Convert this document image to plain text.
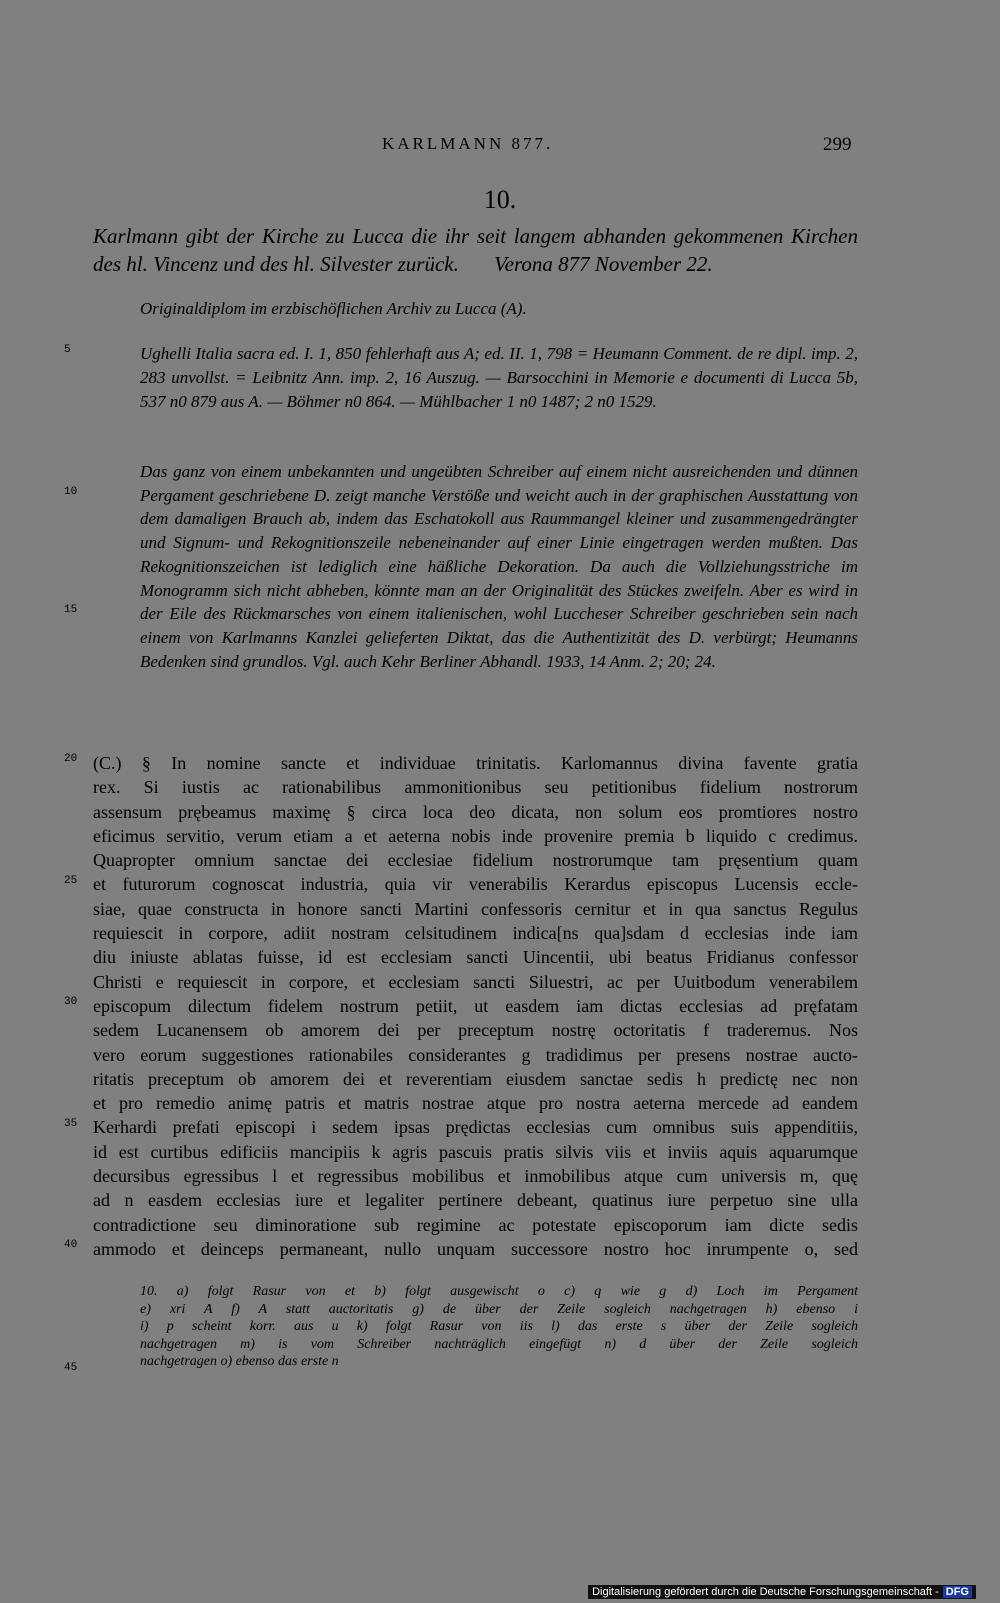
KARLMANN 877.	299
10.
Karlmann gibt der Kirche zu Lucca die ihr seit langem abhanden gekommenen Kirchen des hl. Vincenz und des hl. Silvester zurück. Verona 877 November 22.
Originaldiplom im erzbischöflichen Archiv zu Lucca (A).
Ughelli Italia sacra ed. I. 1, 850 fehlerhaft aus A; ed. II. 1, 798 = Heumann Comment. de re dipl. imp. 2, 283 unvollst. = Leibnitz Ann. imp. 2, 16 Auszug. — Barsocchini in Memorie e documenti di Lucca 5b, 537 n0 879 aus A. — Böhmer n0 864. — Mühlbacher 1 n0 1487; 2 n0 1529.
Das ganz von einem unbekannten und ungeübten Schreiber auf einem nicht ausreichenden und dünnen Pergament geschriebene D. zeigt manche Verstöße und weicht auch in der graphischen Ausstattung von dem damaligen Brauch ab, indem das Eschatokoll aus Raummangel kleiner und zusammengedrängter und Signum- und Rekognitionszeile nebeneinander auf einer Linie eingetragen werden mußten. Das Rekognitionszeichen ist lediglich eine häßliche Dekoration. Da auch die Vollziehungsstriche im Monogramm sich nicht abheben, könnte man an der Originalität des Stückes zweifeln. Aber es wird in der Eile des Rückmarsches von einem italienischen, wohl Luccheser Schreiber geschrieben sein nach einem von Karlmanns Kanzlei gelieferten Diktat, das die Authentizität des D. verbürgt; Heumanns Bedenken sind grundlos. Vgl. auch Kehr Berliner Abhandl. 1933, 14 Anm. 2; 20; 24.
5
10
15
20
25
30
35
40
45
(C.) § In nomine sancte et individuae trinitatis. Karlomannus divina favente gratia
rex. Si iustis ac rationabilibus ammonitionibus seu petitionibus fidelium nostrorum
assensum prębeamus maximę § circa loca deo dicata, non solum eos promtiores nostro
eficimus servitio, verum etiam a et aeterna nobis inde provenire premia b liquido c credimus.
Quapropter omnium sanctae dei ecclesiae fidelium nostrorumque tam pręsentium quam
et futurorum cognoscat industria, quia vir venerabilis Kerardus episcopus Lucensis eccle-
siae, quae constructa in honore sancti Martini confessoris cernitur et in qua sanctus Regulus
requiescit in corpore, adiit nostram celsitudinem indica[ns qua]sdam d ecclesias inde iam
diu iniuste ablatas fuisse, id est ecclesiam sancti Uincentii, ubi beatus Fridianus confessor
Christi e requiescit in corpore, et ecclesiam sancti Siluestri, ac per Uuitbodum venerabilem
episcopum dilectum fidelem nostrum petiit, ut easdem iam dictas ecclesias ad pręfatam
sedem Lucanensem ob amorem dei per preceptum nostrę octoritatis f traderemus. Nos
vero eorum suggestiones rationabiles considerantes g tradidimus per presens nostrae aucto-
ritatis preceptum ob amorem dei et reverentiam eiusdem sanctae sedis h predictę nec non
et pro remedio animę patris et matris nostrae atque pro nostra aeterna mercede ad eandem
Kerhardi prefati episcopi i sedem ipsas prędictas ecclesias cum omnibus suis appenditiis,
id est curtibus edificiis mancipiis k agris pascuis pratis silvis viis et inviis aquis aquarumque
decursibus egressibus l et regressibus mobilibus et inmobilibus atque cum universis m, quę
ad n easdem ecclesias iure et legaliter pertinere debeant, quatinus iure perpetuo sine ulla
contradictione seu diminoratione sub regimine ac potestate episcoporum iam dicte sedis
ammodo et deinceps permaneant, nullo unquam successore nostro hoc inrumpente o, sed
10. a) folgt Rasur von et b) folgt ausgewischt o c) q wie g d) Loch im Pergament
e) xri A f) A statt auctoritatis g) de über der Zeile sogleich nachgetragen h) ebenso i
i) p scheint korr. aus u k) folgt Rasur von iis l) das erste s über der Zeile sogleich
nachgetragen m) is vom Schreiber nachträglich eingefügt n) d über der Zeile sogleich
nachgetragen o) ebenso das erste n
Digitalisierung gefördert durch die Deutsche Forschungsgemeinschaft - DFG
